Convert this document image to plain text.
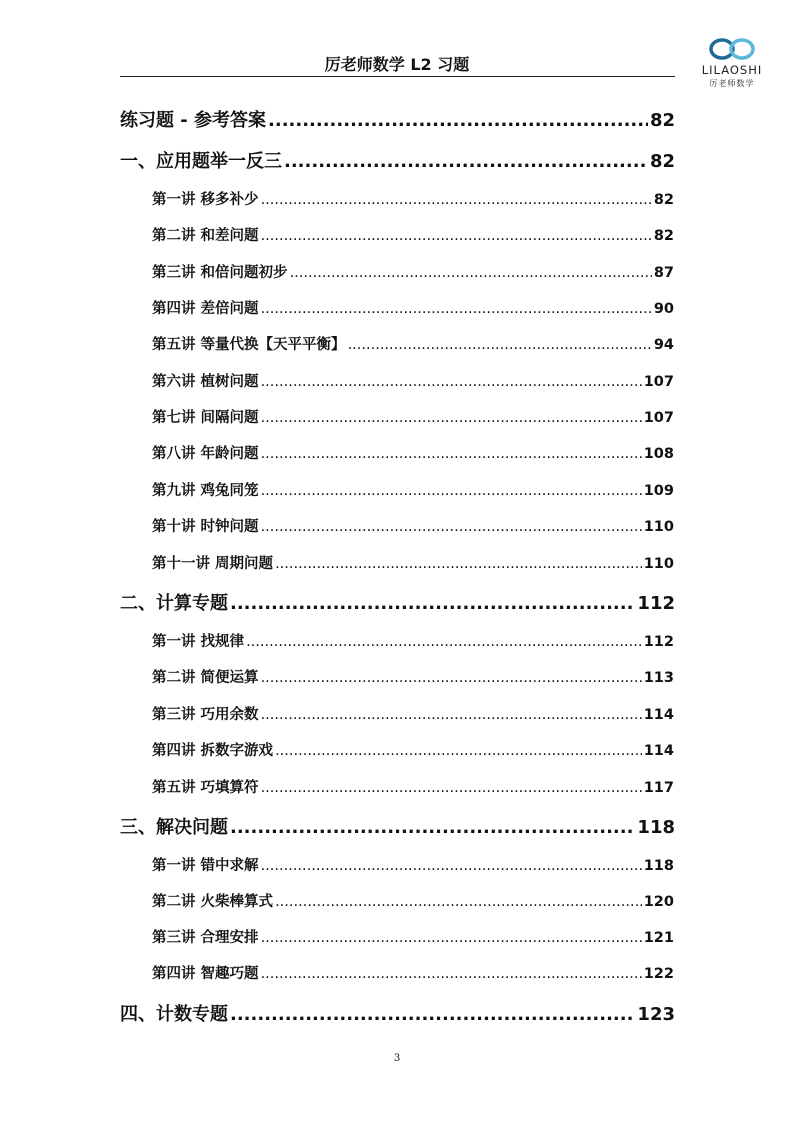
厉老师数学 L2 习题	LILAOSHI
厉老师数学
练习题 - 参考答案 .....	82
一、应用题举一反三 .....	82
第一讲 移多补少 .....	82
第二讲 和差问题 .....	82
第三讲 和倍问题初步 .....	87
第四讲 差倍问题 .....	90
第五讲 等量代换【天平平衡】 .....	94
第六讲 植树问题 .....	107
第七讲 间隔问题 .....	107
第八讲 年龄问题 .....	108
第九讲 鸡兔同笼 .....	109
第十讲 时钟问题 .....	110
第十一讲 周期问题 .....	110
二、计算专题 .....	112
第一讲 找规律 .....	112
第二讲 简便运算 .....	113
第三讲 巧用余数 .....	114
第四讲 拆数字游戏 .....	114
第五讲 巧填算符 .....	117
三、解决问题 .....	118
第一讲 错中求解 .....	118
第二讲 火柴棒算式 .....	120
第三讲 合理安排 .....	121
第四讲 智趣巧题 .....	122
四、计数专题 .....	123
3
